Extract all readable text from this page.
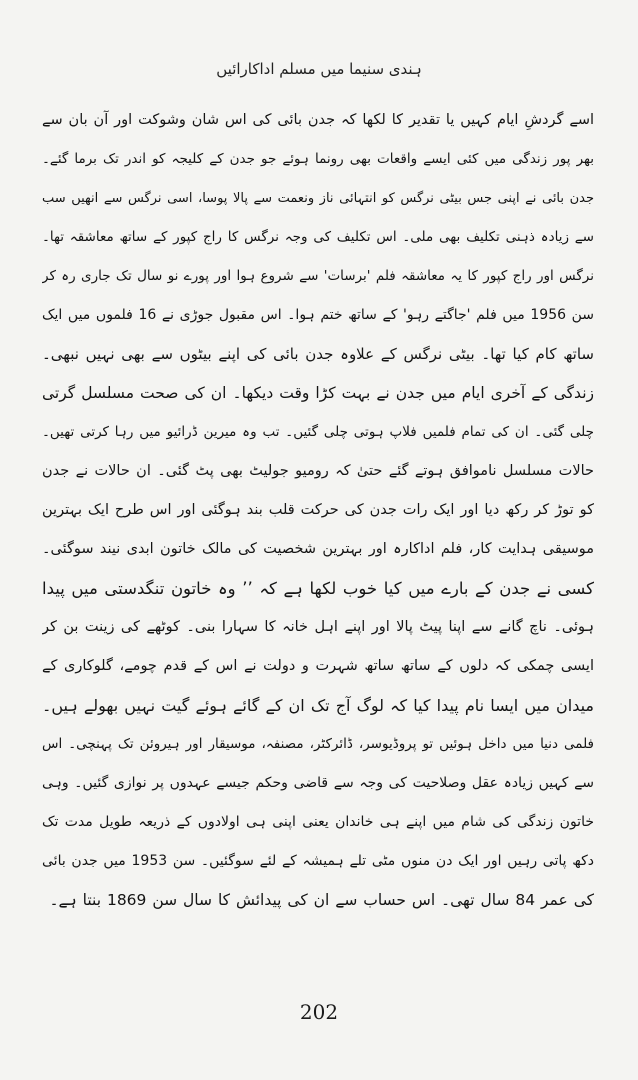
ہندی سنیما میں مسلم اداکارائیں
اسے گردشِ ایام کہیں یا تقدیر کا لکھا کہ جدن بائی کی اس شان وشوکت اور آن بان سے
بھر پور زندگی میں کئی ایسے واقعات بھی رونما ہوئے جو جدن کے کلیجہ کو اندر تک برما گئے۔
جدن بائی نے اپنی جس بیٹی نرگس کو انتہائی ناز ونعمت سے پالا پوسا، اسی نرگس سے انھیں سب
سے زیادہ ذہنی تکلیف بھی ملی۔ اس تکلیف کی وجہ نرگس کا راج کپور کے ساتھ معاشقہ تھا۔
نرگس اور راج کپور کا یہ معاشقہ فلم 'برسات' سے شروع ہوا اور پورے نو سال تک جاری رہ کر
سن 1956 میں فلم 'جاگتے رہو' کے ساتھ ختم ہوا۔ اس مقبول جوڑی نے 16 فلموں میں ایک
ساتھ کام کیا تھا۔ بیٹی نرگس کے علاوہ جدن بائی کی اپنے بیٹوں سے بھی نہیں نبھی۔
زندگی کے آخری ایام میں جدن نے بہت کڑا وقت دیکھا۔ ان کی صحت مسلسل گرتی
چلی گئی۔ ان کی تمام فلمیں فلاپ ہوتی چلی گئیں۔ تب وہ میرین ڈرائیو میں رہا کرتی تھیں۔
حالات مسلسل ناموافق ہوتے گئے حتیٰ کہ رومیو جولیٹ بھی پٹ گئی۔ ان حالات نے جدن
کو توڑ کر رکھ دیا اور ایک رات جدن کی حرکت قلب بند ہوگئی اور اس طرح ایک بہترین
موسیقی ہدایت کار، فلم اداکارہ اور بہترین شخصیت کی مالک خاتون ابدی نیند سوگئی۔
کسی نے جدن کے بارے میں کیا خوب لکھا ہے کہ ’’ وہ خاتون تنگدستی میں پیدا
ہوئی۔ ناچ گانے سے اپنا پیٹ پالا اور اپنے اہل خانہ کا سہارا بنی۔ کوٹھے کی زینت بن کر
ایسی چمکی کہ دلوں کے ساتھ ساتھ شہرت و دولت نے اس کے قدم چومے، گلوکاری کے
میدان میں ایسا نام پیدا کیا کہ لوگ آج تک ان کے گائے ہوئے گیت نہیں بھولے ہیں۔
فلمی دنیا میں داخل ہوئیں تو پروڈیوسر، ڈائرکٹر، مصنفہ، موسیقار اور ہیروئن تک پہنچی۔ اس
سے کہیں زیادہ عقل وصلاحیت کی وجہ سے قاضی وحکم جیسے عہدوں پر نوازی گئیں۔ وہی
خاتون زندگی کی شام میں اپنے ہی خاندان یعنی اپنی ہی اولادوں کے ذریعہ طویل مدت تک
دکھ پاتی رہیں اور ایک دن منوں مٹی تلے ہمیشہ کے لئے سوگئیں۔ سن 1953 میں جدن بائی
کی عمر 84 سال تھی۔ اس حساب سے ان کی پیدائش کا سال سن 1869 بنتا ہے۔
202
